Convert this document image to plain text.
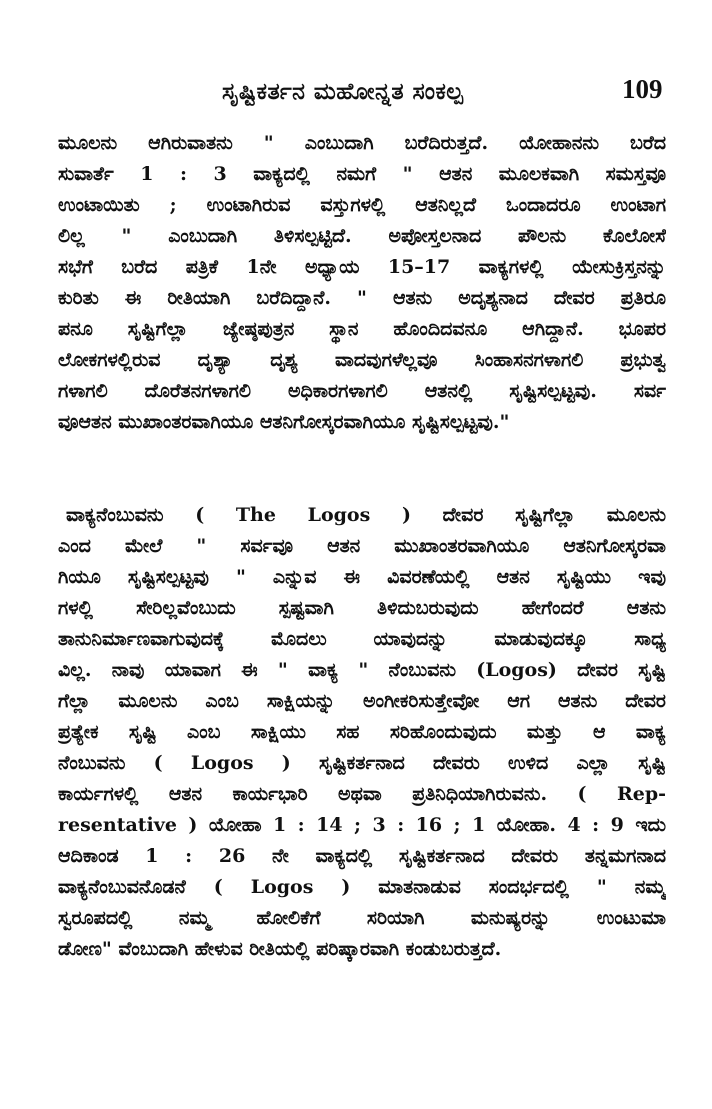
ಸೃಷ್ಟಿಕರ್ತನ ಮಹೋನ್ನತ ಸಂಕಲ್ಪ	109
ಮೂಲನು ಆಗಿರುವಾತನು " ಎಂಬುದಾಗಿ ಬರೆದಿರುತ್ತದೆ. ಯೋಹಾನನು ಬರೆದ
ಸುವಾರ್ತೆ 1 : 3 ವಾಕ್ಯದಲ್ಲಿ ನಮಗೆ " ಆತನ ಮೂಲಕವಾಗಿ ಸಮಸ್ತವೂ
ಉಂಟಾಯಿತು ; ಉಂಟಾಗಿರುವ ವಸ್ತುಗಳಲ್ಲಿ ಆತನಿಲ್ಲದೆ ಒಂದಾದರೂ ಉಂಟಾಗ
ಲಿಲ್ಲ " ಎಂಬುದಾಗಿ ತಿಳಿಸಲ್ಪಟ್ಟಿದೆ. ಅಪೋಸ್ತಲನಾದ ಪೌಲನು ಕೊಲೋಸೆ
ಸಭೆಗೆ ಬರೆದ ಪತ್ರಿಕೆ 1ನೇ ಅಧ್ಯಾಯ 15–17 ವಾಕ್ಯಗಳಲ್ಲಿ ಯೇಸುಕ್ರಿಸ್ತನನ್ನು
ಕುರಿತು ಈ ರೀತಿಯಾಗಿ ಬರೆದಿದ್ದಾನೆ. " ಆತನು ಅದೃಶ್ಯನಾದ ದೇವರ ಪ್ರತಿರೂ
ಪನೂ ಸೃಷ್ಟಿಗೆಲ್ಲಾ ಜ್ಯೇಷ್ಠಪುತ್ರನ ಸ್ಥಾನ ಹೊಂದಿದವನೂ ಆಗಿದ್ದಾನೆ. ಭೂಪರ
ಲೋಕಗಳಲ್ಲಿರುವ ದೃಶ್ಯಾ ದೃಶ್ಯ ವಾದವುಗಳೆಲ್ಲವೂ ಸಿಂಹಾಸನಗಳಾಗಲಿ ಪ್ರಭುತ್ವ
ಗಳಾಗಲಿ ದೊರೆತನಗಳಾಗಲಿ ಅಧಿಕಾರಗಳಾಗಲಿ ಆತನಲ್ಲಿ ಸೃಷ್ಟಿಸಲ್ಪಟ್ಟವು. ಸರ್ವ
ವೂಆತನ ಮುಖಾಂತರವಾಗಿಯೂ ಆತನಿಗೋಸ್ಕರವಾಗಿಯೂ ಸೃಷ್ಟಿಸಲ್ಪಟ್ಟವು."
ವಾಕ್ಯನೆಂಬುವನು ( The Logos ) ದೇವರ ಸೃಷ್ಟಿಗೆಲ್ಲಾ ಮೂಲನು
ಎಂದ ಮೇಲೆ " ಸರ್ವವೂ ಆತನ ಮುಖಾಂತರವಾಗಿಯೂ ಆತನಿಗೋಸ್ಕರವಾ
ಗಿಯೂ ಸೃಷ್ಟಿಸಲ್ಪಟ್ಟವು " ಎನ್ನುವ ಈ ವಿವರಣೆಯಲ್ಲಿ ಆತನ ಸೃಷ್ಟಿಯು ಇವು
ಗಳಲ್ಲಿ ಸೇರಿಲ್ಲವೆಂಬುದು ಸ್ಪಷ್ಟವಾಗಿ ತಿಳಿದುಬರುವುದು ಹೇಗೆಂದರೆ ಆತನು
ತಾನುನಿರ್ಮಾಣವಾಗುವುದಕ್ಕೆ ಮೊದಲು ಯಾವುದನ್ನು ಮಾಡುವುದಕ್ಕೂ ಸಾಧ್ಯ
ವಿಲ್ಲ. ನಾವು ಯಾವಾಗ ಈ " ವಾಕ್ಯ " ನೆಂಬುವನು (Logos) ದೇವರ ಸೃಷ್ಟಿ
ಗೆಲ್ಲಾ ಮೂಲನು ಎಂಬ ಸಾಕ್ಷಿಯನ್ನು ಅಂಗೀಕರಿಸುತ್ತೇವೋ ಆಗ ಆತನು ದೇವರ
ಪ್ರತ್ಯೇಕ ಸೃಷ್ಟಿ ಎಂಬ ಸಾಕ್ಷಿಯು ಸಹ ಸರಿಹೊಂದುವುದು ಮತ್ತು ಆ ವಾಕ್ಯ
ನೆಂಬುವನು ( Logos ) ಸೃಷ್ಟಿಕರ್ತನಾದ ದೇವರು ಉಳಿದ ಎಲ್ಲಾ ಸೃಷ್ಟಿ
ಕಾರ್ಯಗಳಲ್ಲಿ ಆತನ ಕಾರ್ಯಭಾರಿ ಅಥವಾ ಪ್ರತಿನಿಧಿಯಾಗಿರುವನು. ( Rep-
resentative ) ಯೋಹಾ 1 : 14 ; 3 : 16 ; 1 ಯೋಹಾ. 4 : 9 ಇದು
ಆದಿಕಾಂಡ 1 : 26 ನೇ ವಾಕ್ಯದಲ್ಲಿ ಸೃಷ್ಟಿಕರ್ತನಾದ ದೇವರು ತನ್ನಮಗನಾದ
ವಾಕ್ಯನೆಂಬುವನೊಡನೆ ( Logos ) ಮಾತನಾಡುವ ಸಂದರ್ಭದಲ್ಲಿ " ನಮ್ಮ
ಸ್ವರೂಪದಲ್ಲಿ ನಮ್ಮ ಹೋಲಿಕೆಗೆ ಸರಿಯಾಗಿ ಮನುಷ್ಯರನ್ನು ಉಂಟುಮಾ
ಡೋಣ" ವೆಂಬುದಾಗಿ ಹೇಳುವ ರೀತಿಯಲ್ಲಿ ಪರಿಷ್ಕಾರವಾಗಿ ಕಂಡುಬರುತ್ತದೆ.
